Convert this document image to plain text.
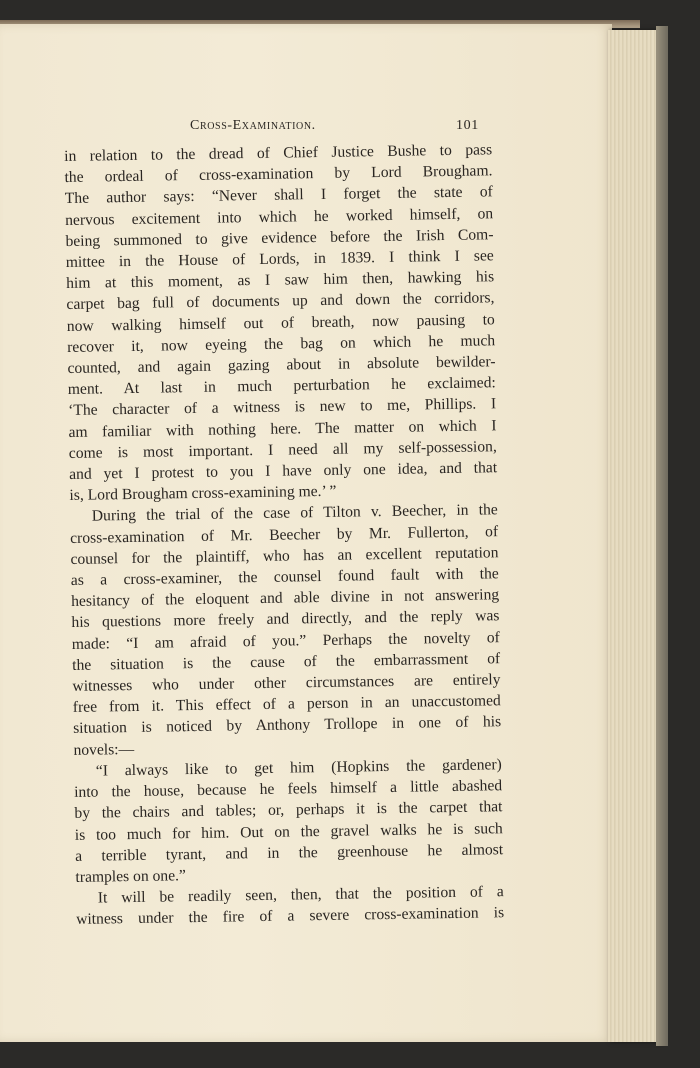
Cross-Examination.	101
in relation to the dread of Chief Justice Bushe to pass
the ordeal of cross-examination by Lord Brougham.
The author says: “Never shall I forget the state of
nervous excitement into which he worked himself, on
being summoned to give evidence before the Irish Com-
mittee in the House of Lords, in 1839. I think I see
him at this moment, as I saw him then, hawking his
carpet bag full of documents up and down the corridors,
now walking himself out of breath, now pausing to
recover it, now eyeing the bag on which he much
counted, and again gazing about in absolute bewilder-
ment. At last in much perturbation he exclaimed:
‘The character of a witness is new to me, Phillips. I
am familiar with nothing here. The matter on which I
come is most important. I need all my self-possession,
and yet I protest to you I have only one idea, and that
is, Lord Brougham cross-examining me.’ ”
During the trial of the case of Tilton v. Beecher, in the
cross-examination of Mr. Beecher by Mr. Fullerton, of
counsel for the plaintiff, who has an excellent reputation
as a cross-examiner, the counsel found fault with the
hesitancy of the eloquent and able divine in not answering
his questions more freely and directly, and the reply was
made: “I am afraid of you.” Perhaps the novelty of
the situation is the cause of the embarrassment of
witnesses who under other circumstances are entirely
free from it. This effect of a person in an unaccustomed
situation is noticed by Anthony Trollope in one of his
novels:—
“I always like to get him (Hopkins the gardener)
into the house, because he feels himself a little abashed
by the chairs and tables; or, perhaps it is the carpet that
is too much for him. Out on the gravel walks he is such
a terrible tyrant, and in the greenhouse he almost
tramples on one.”
It will be readily seen, then, that the position of a
witness under the fire of a severe cross-examination is
